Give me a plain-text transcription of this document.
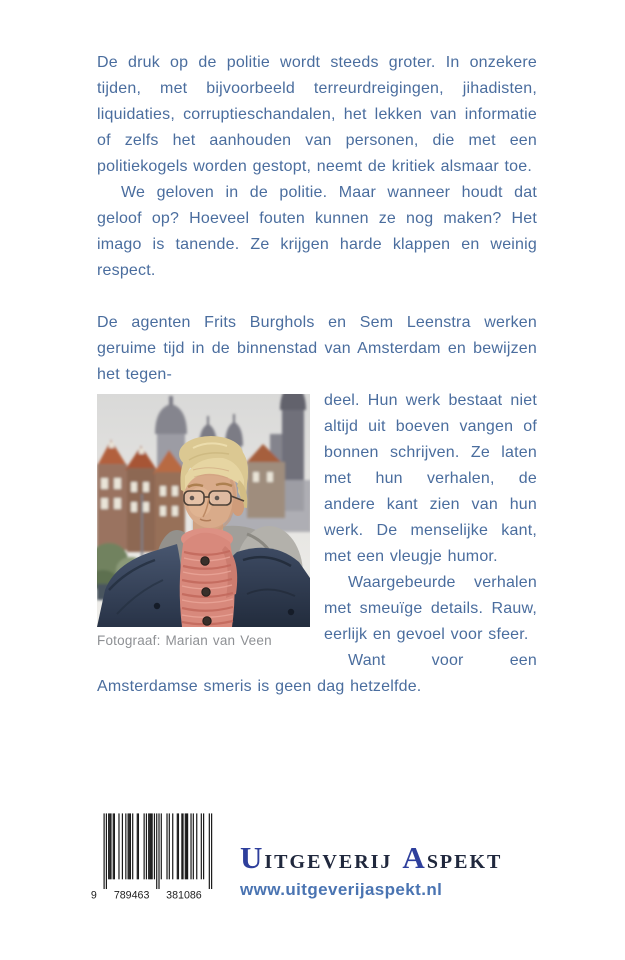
De druk op de politie wordt steeds groter. In onzekere tijden, met bijvoorbeeld terreurdreigingen, jihadisten, liquidaties, corruptieschandalen, het lekken van informatie of zelfs het aanhouden van personen, die met een politiekogels worden gestopt, neemt de kritiek alsmaar toe.

We geloven in de politie. Maar wanneer houdt dat geloof op? Hoeveel fouten kunnen ze nog maken? Het imago is tanende. Ze krijgen harde klappen en weinig respect.

De agenten Frits Burghols en Sem Leenstra werken geruime tijd in de binnenstad van Amsterdam en bewijzen het tegen-

Fotograaf: Marian van Veen

deel. Hun werk bestaat niet altijd uit boeven vangen of bonnen schrijven. Ze laten met hun verhalen, de andere kant zien van hun werk. De menselijke kant, met een vleugje humor.

Waargebeurde verhalen met smeuïge details. Rauw, eerlijk en gevoel voor sfeer.

Want voor een Amsterdamse smeris is geen dag hetzelfde.

9 789463 381086
UITGEVERIJ ASPEKT
www.uitgeverijaspekt.nl
